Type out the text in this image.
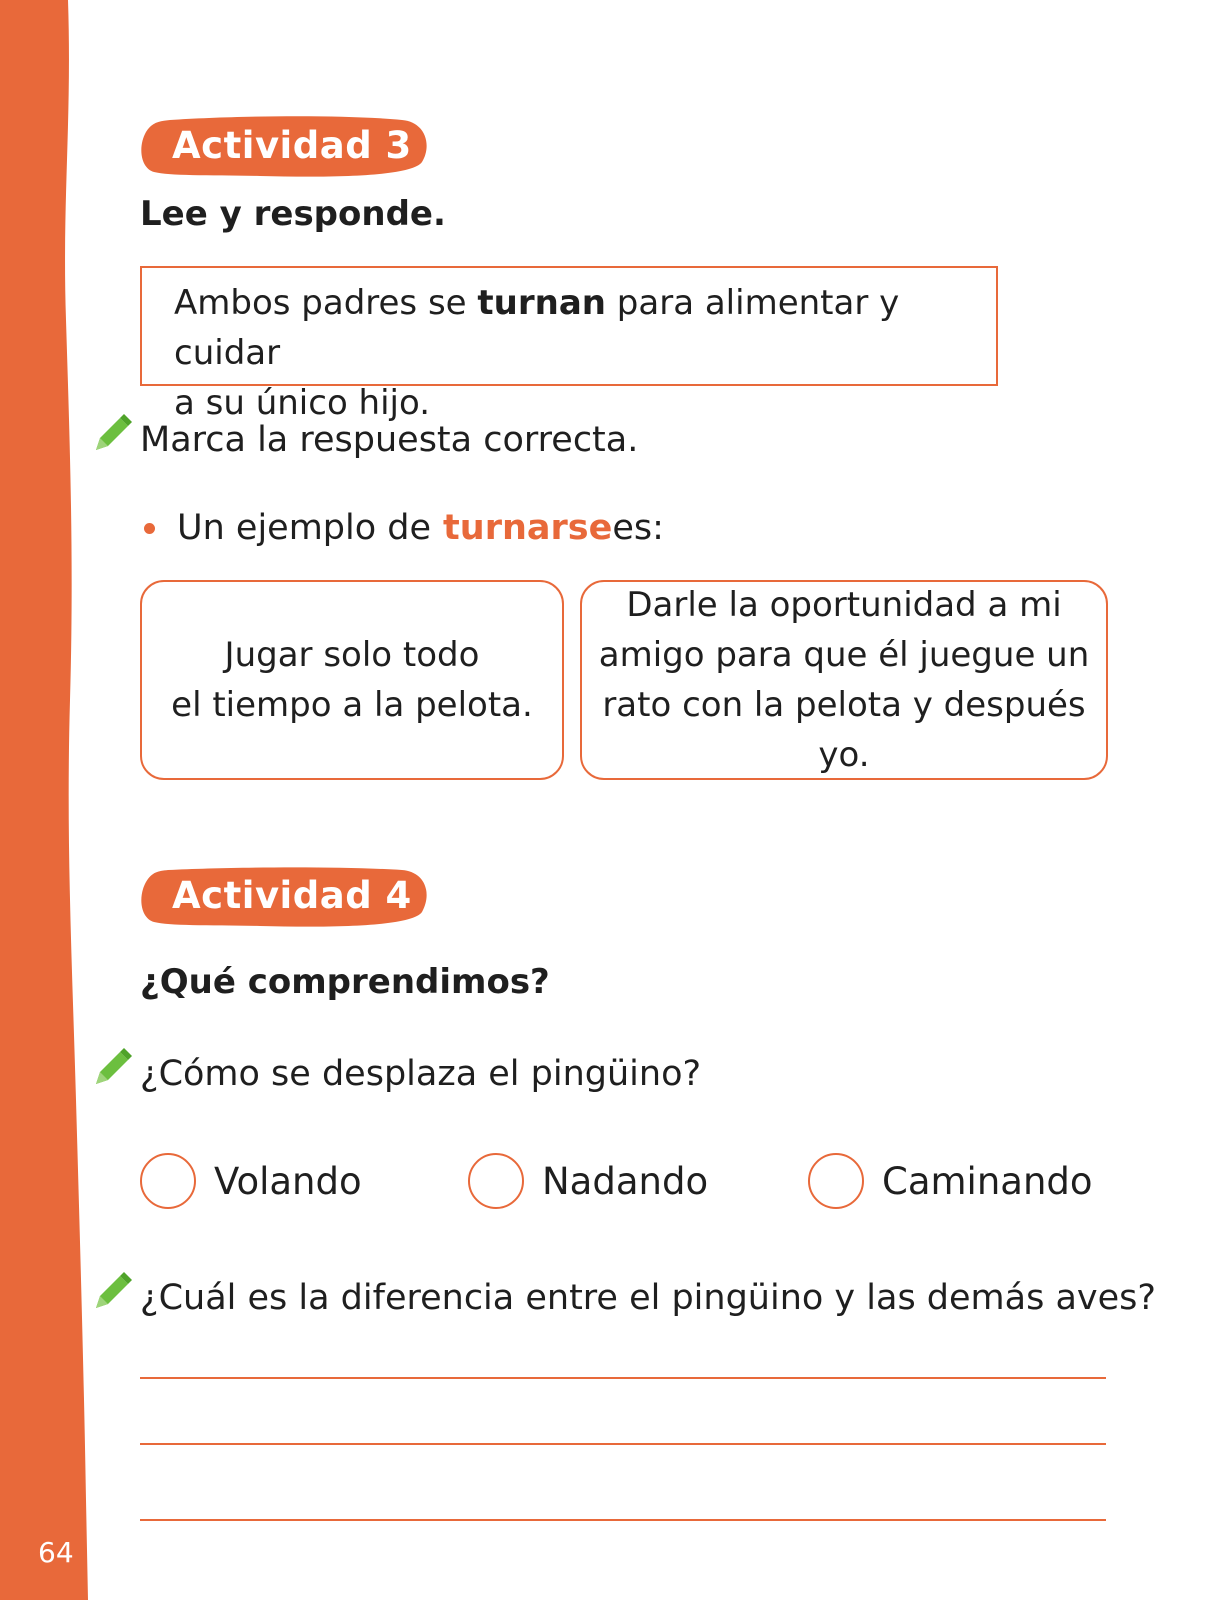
64
Actividad 3
Lee y responde.
Ambos padres se turnan para alimentar y cuidar
a su único hijo.
Marca la respuesta correcta.
Un ejemplo de turnarse es:
Jugar solo todo
el tiempo a la pelota.
Darle la oportunidad a mi
amigo para que él juegue un
rato con la pelota y después yo.
Actividad 4
¿Qué comprendimos?
¿Cómo se desplaza el pingüino?
Volando	Nadando	Caminando
¿Cuál es la diferencia entre el pingüino y las demás aves?
